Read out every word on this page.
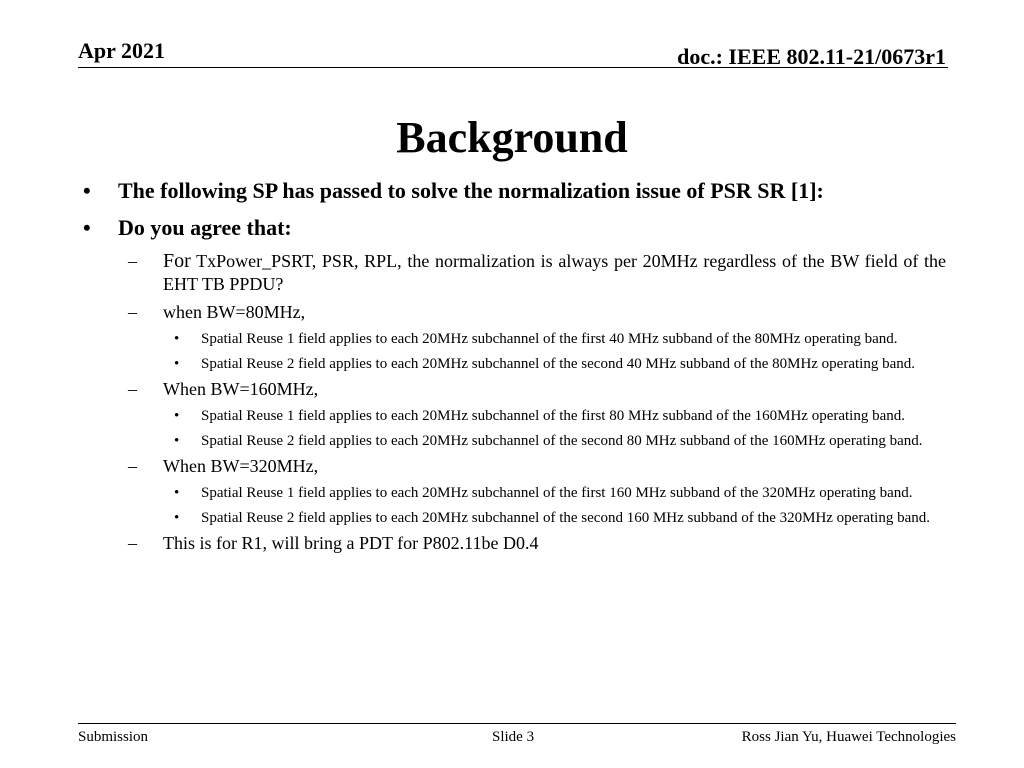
Apr 2021	doc.: IEEE 802.11-21/0673r1
Background
• The following SP has passed to solve the normalization issue of PSR SR [1]:
• Do you agree that:
– For TxPower_PSRT, PSR, RPL, the normalization is always per 20MHz regardless of the BW field of the EHT TB PPDU?
– when BW=80MHz,
• Spatial Reuse 1 field applies to each 20MHz subchannel of the first 40 MHz subband of the 80MHz operating band.
• Spatial Reuse 2 field applies to each 20MHz subchannel of the second 40 MHz subband of the 80MHz operating band.
– When BW=160MHz,
• Spatial Reuse 1 field applies to each 20MHz subchannel of the first 80 MHz subband of the 160MHz operating band.
• Spatial Reuse 2 field applies to each 20MHz subchannel of the second 80 MHz subband of the 160MHz operating band.
– When BW=320MHz,
• Spatial Reuse 1 field applies to each 20MHz subchannel of the first 160 MHz subband of the 320MHz operating band.
• Spatial Reuse 2 field applies to each 20MHz subchannel of the second 160 MHz subband of the 320MHz operating band.
– This is for R1, will bring a PDT for P802.11be D0.4
Submission	Slide 3	Ross Jian Yu, Huawei Technologies
